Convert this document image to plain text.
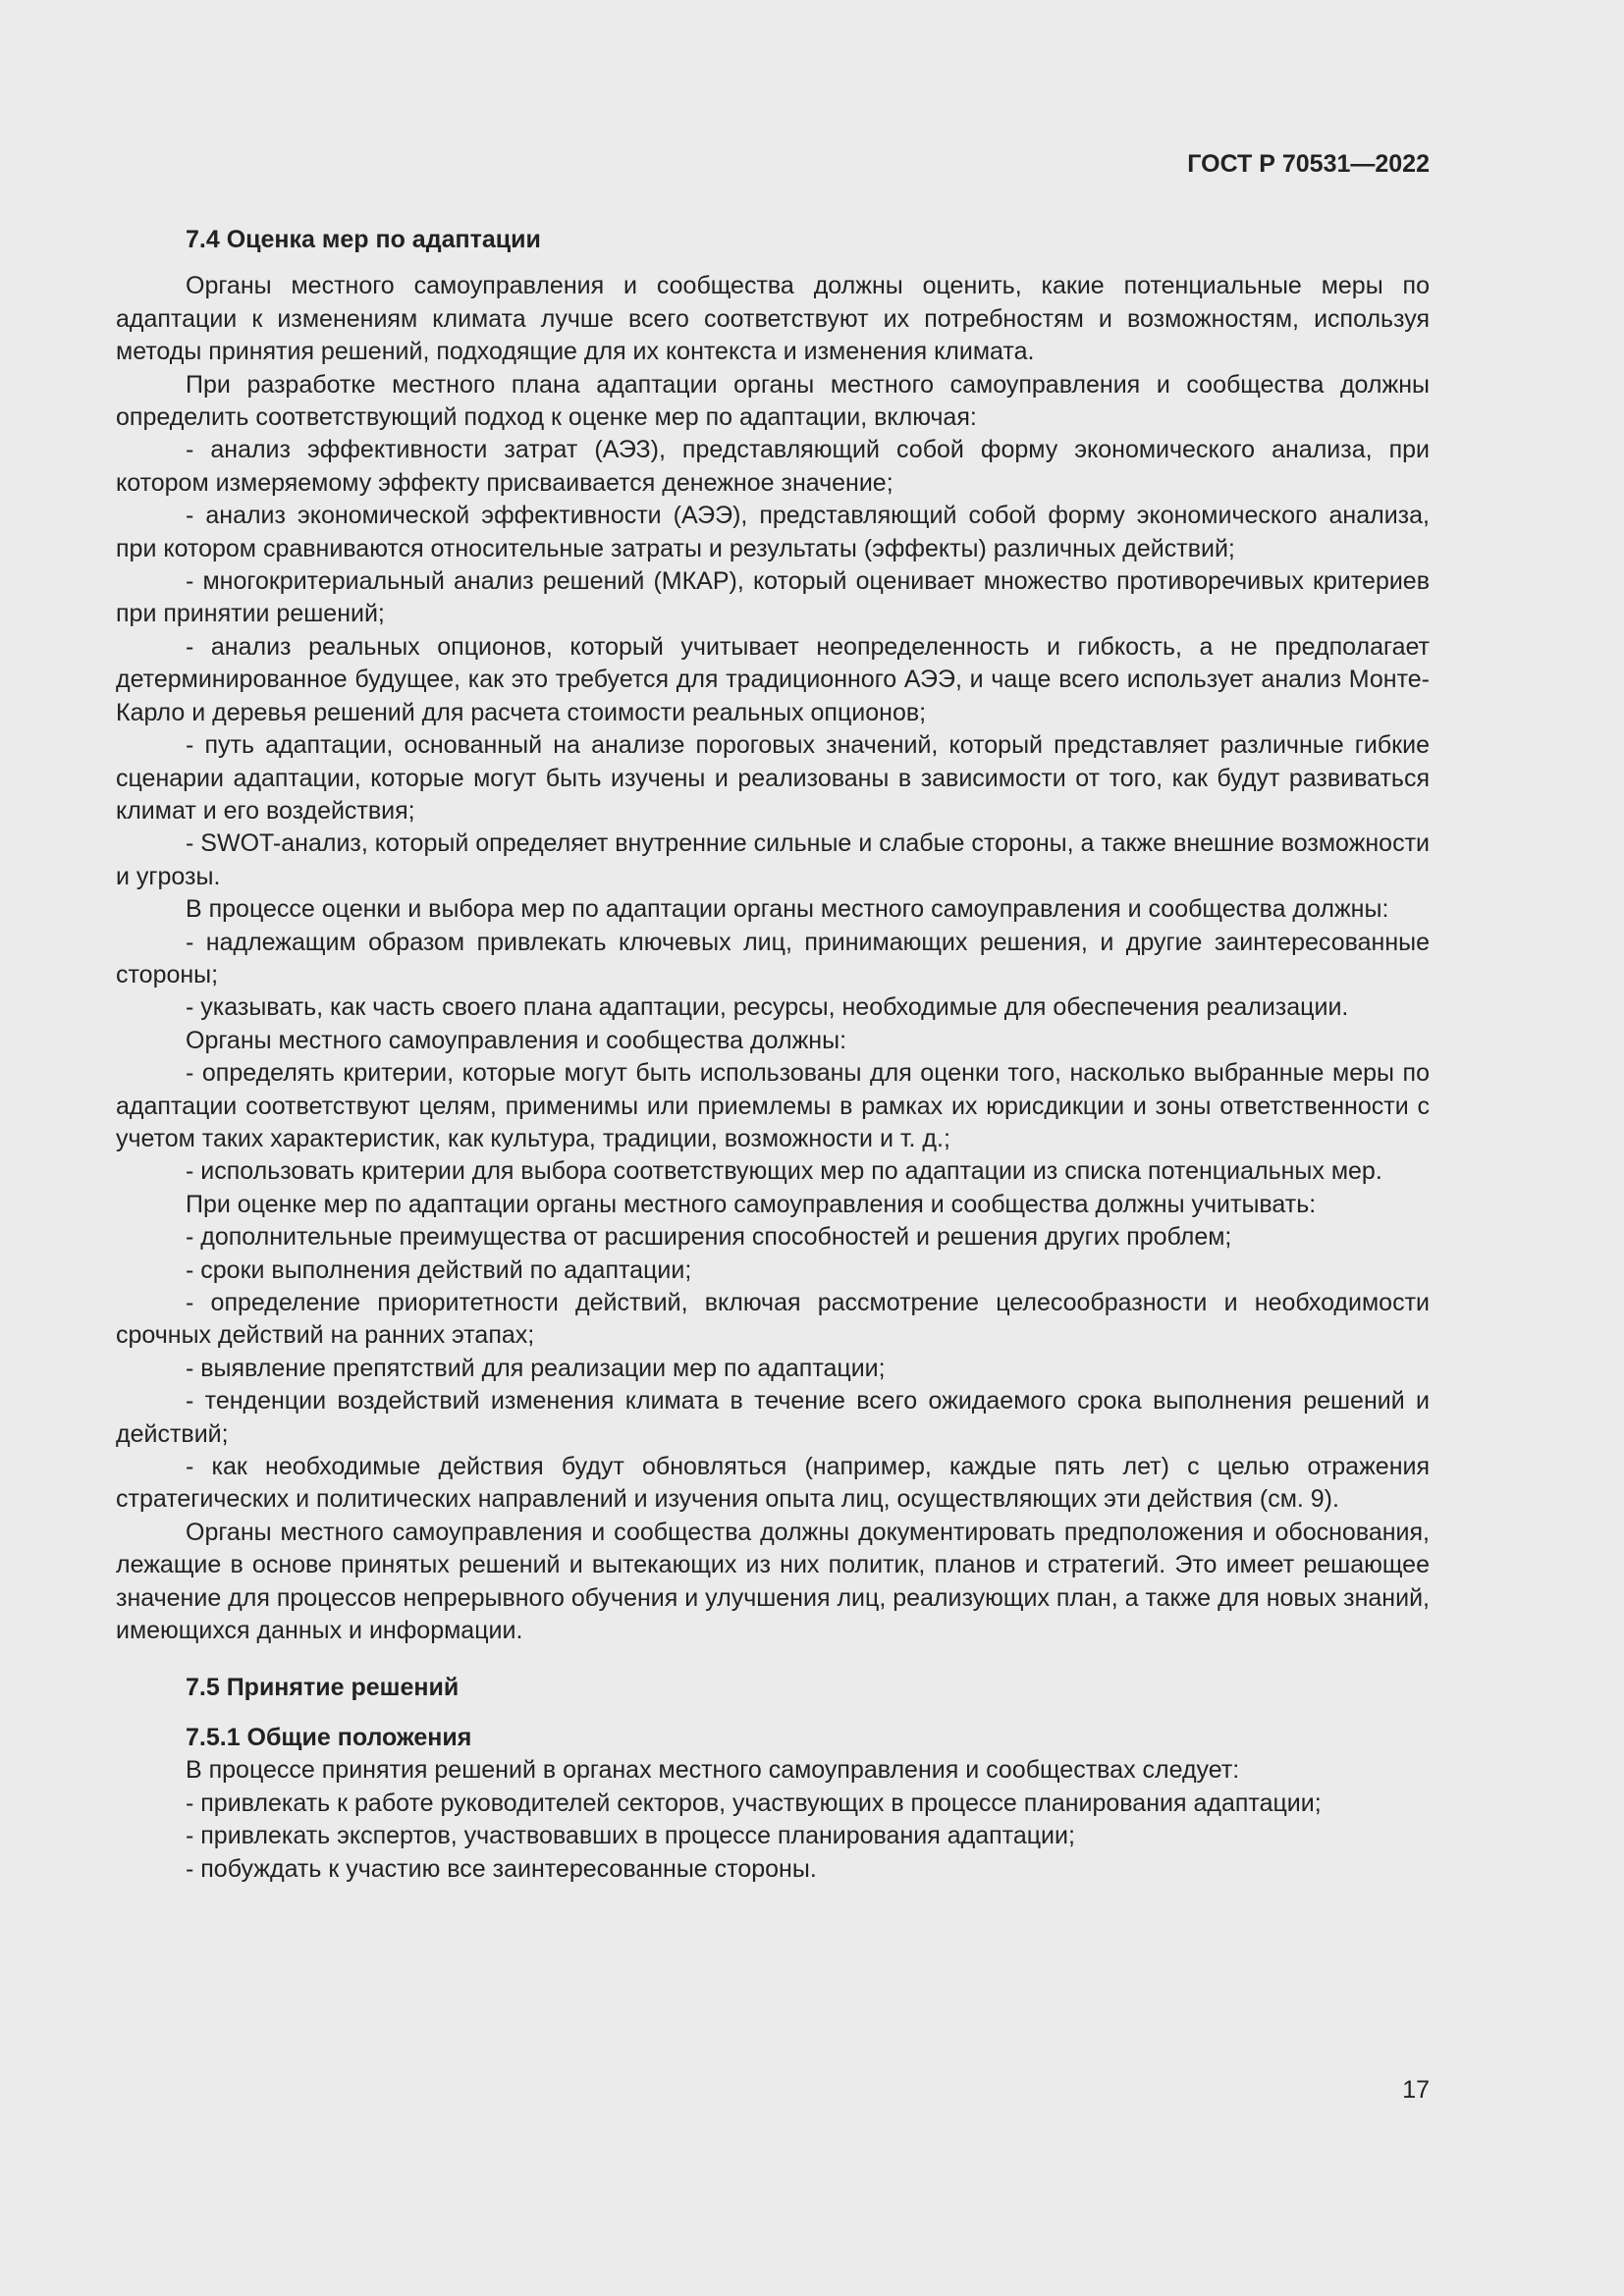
ГОСТ Р 70531—2022

7.4 Оценка мер по адаптации

Органы местного самоуправления и сообщества должны оценить, какие потенциальные меры по адаптации к изменениям климата лучше всего соответствуют их потребностям и возможностям, используя методы принятия решений, подходящие для их контекста и изменения климата.

При разработке местного плана адаптации органы местного самоуправления и сообщества должны определить соответствующий подход к оценке мер по адаптации, включая:

- анализ эффективности затрат (АЭЗ), представляющий собой форму экономического анализа, при котором измеряемому эффекту присваивается денежное значение;
- анализ экономической эффективности (АЭЭ), представляющий собой форму экономического анализа, при котором сравниваются относительные затраты и результаты (эффекты) различных действий;
- многокритериальный анализ решений (МКАР), который оценивает множество противоречивых критериев при принятии решений;
- анализ реальных опционов, который учитывает неопределенность и гибкость, а не предполагает детерминированное будущее, как это требуется для традиционного АЭЭ, и чаще всего использует анализ Монте-Карло и деревья решений для расчета стоимости реальных опционов;
- путь адаптации, основанный на анализе пороговых значений, который представляет различные гибкие сценарии адаптации, которые могут быть изучены и реализованы в зависимости от того, как будут развиваться климат и его воздействия;
- SWOT-анализ, который определяет внутренние сильные и слабые стороны, а также внешние возможности и угрозы.

В процессе оценки и выбора мер по адаптации органы местного самоуправления и сообщества должны:

- надлежащим образом привлекать ключевых лиц, принимающих решения, и другие заинтересованные стороны;
- указывать, как часть своего плана адаптации, ресурсы, необходимые для обеспечения реализации.

Органы местного самоуправления и сообщества должны:

- определять критерии, которые могут быть использованы для оценки того, насколько выбранные меры по адаптации соответствуют целям, применимы или приемлемы в рамках их юрисдикции и зоны ответственности с учетом таких характеристик, как культура, традиции, возможности и т. д.;
- использовать критерии для выбора соответствующих мер по адаптации из списка потенциальных мер.

При оценке мер по адаптации органы местного самоуправления и сообщества должны учитывать:

- дополнительные преимущества от расширения способностей и решения других проблем;
- сроки выполнения действий по адаптации;
- определение приоритетности действий, включая рассмотрение целесообразности и необходимости срочных действий на ранних этапах;
- выявление препятствий для реализации мер по адаптации;
- тенденции воздействий изменения климата в течение всего ожидаемого срока выполнения решений и действий;
- как необходимые действия будут обновляться (например, каждые пять лет) с целью отражения стратегических и политических направлений и изучения опыта лиц, осуществляющих эти действия (см. 9).

Органы местного самоуправления и сообщества должны документировать предположения и обоснования, лежащие в основе принятых решений и вытекающих из них политик, планов и стратегий. Это имеет решающее значение для процессов непрерывного обучения и улучшения лиц, реализующих план, а также для новых знаний, имеющихся данных и информации.

7.5 Принятие решений

7.5.1 Общие положения

В процессе принятия решений в органах местного самоуправления и сообществах следует:

- привлекать к работе руководителей секторов, участвующих в процессе планирования адаптации;
- привлекать экспертов, участвовавших в процессе планирования адаптации;
- побуждать к участию все заинтересованные стороны.
17
